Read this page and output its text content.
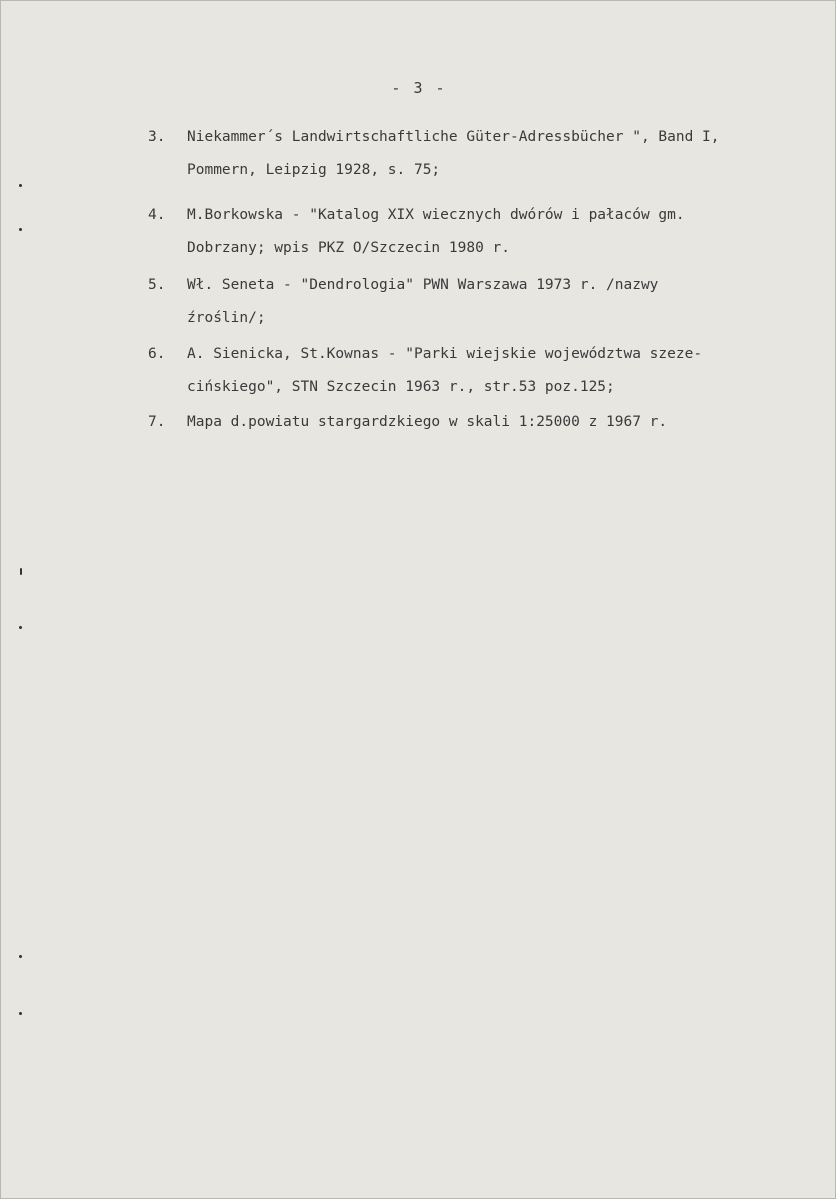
- 3 -
3.	Niekammer´s Landwirtschaftliche Güter-Adressbücher ", Band I,
Pommern, Leipzig 1928, s. 75;
4.	M.Borkowska - "Katalog XIX wiecznych dwórów i pałaców gm.
Dobrzany; wpis PKZ O/Szczecin 1980 r.
5.	Wł. Seneta - "Dendrologia" PWN Warszawa 1973 r. /nazwy
źroślin/;
6.	A. Sienicka, St.Kownas - "Parki wiejskie województwa szeze-
cińskiego", STN Szczecin 1963 r., str.53 poz.125;
7.	Mapa d.powiatu stargardzkiego w skali 1:25000 z 1967 r.
